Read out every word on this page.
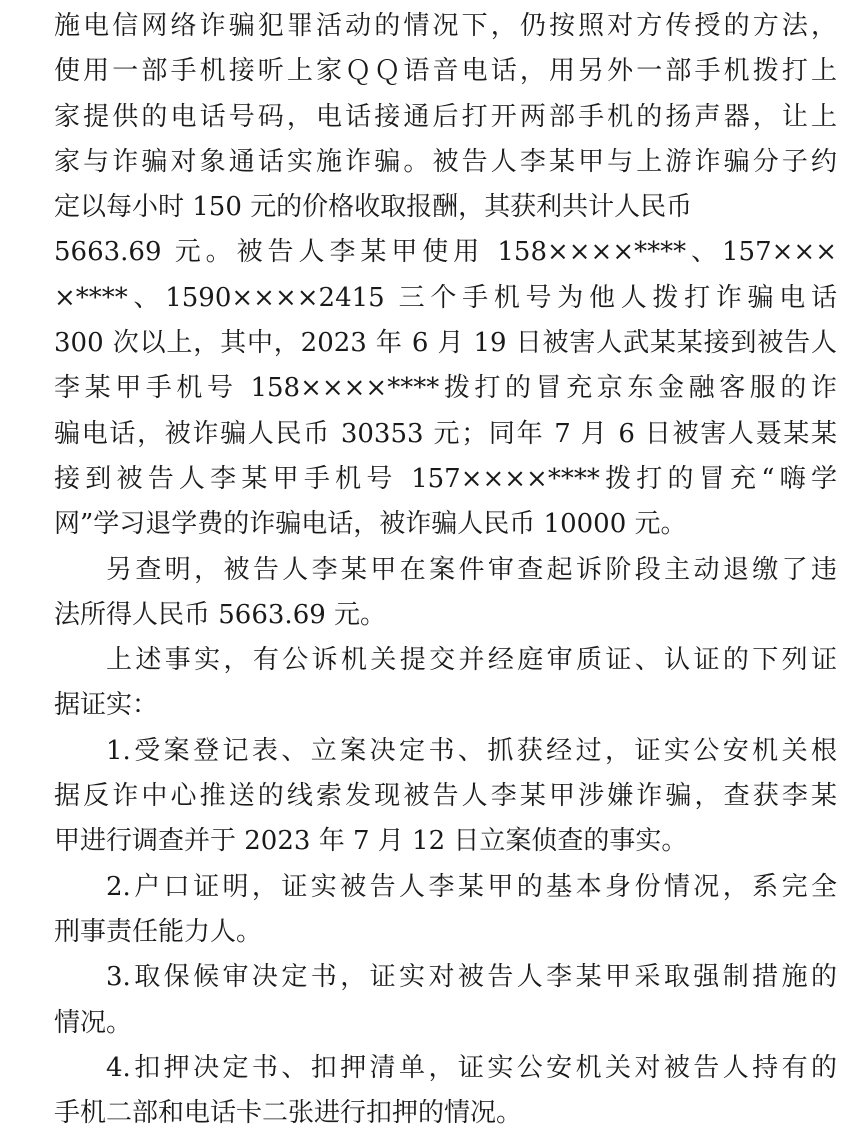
施电信网络诈骗犯罪活动的情况下，仍按照对方传授的方法，
使用一部手机接听上家ＱＱ语音电话，用另外一部手机拨打上
家提供的电话号码，电话接通后打开两部手机的扬声器，让上
家与诈骗对象通话实施诈骗。被告人李某甲与上游诈骗分子约
定以每小时 150 元的价格收取报酬，其获利共计人民币
5663.69 元。被告人李某甲使用 158××××****、157×××
×****、1590××××2415 三个手机号为他人拨打诈骗电话
300 次以上，其中，2023 年 6 月 19 日被害人武某某接到被告人
李某甲手机号 158××××****拨打的冒充京东金融客服的诈
骗电话，被诈骗人民币 30353 元；同年 7 月 6 日被害人聂某某
接到被告人李某甲手机号 157××××****拨打的冒充“嗨学
网”学习退学费的诈骗电话，被诈骗人民币 10000 元。
另查明，被告人李某甲在案件审查起诉阶段主动退缴了违
法所得人民币 5663.69 元。
上述事实，有公诉机关提交并经庭审质证、认证的下列证
据证实：
1.受案登记表、立案决定书、抓获经过，证实公安机关根
据反诈中心推送的线索发现被告人李某甲涉嫌诈骗，查获李某
甲进行调查并于 2023 年 7 月 12 日立案侦查的事实。
2.户口证明，证实被告人李某甲的基本身份情况，系完全
刑事责任能力人。
3.取保候审决定书，证实对被告人李某甲采取强制措施的
情况。
4.扣押决定书、扣押清单，证实公安机关对被告人持有的
手机二部和电话卡二张进行扣押的情况。
